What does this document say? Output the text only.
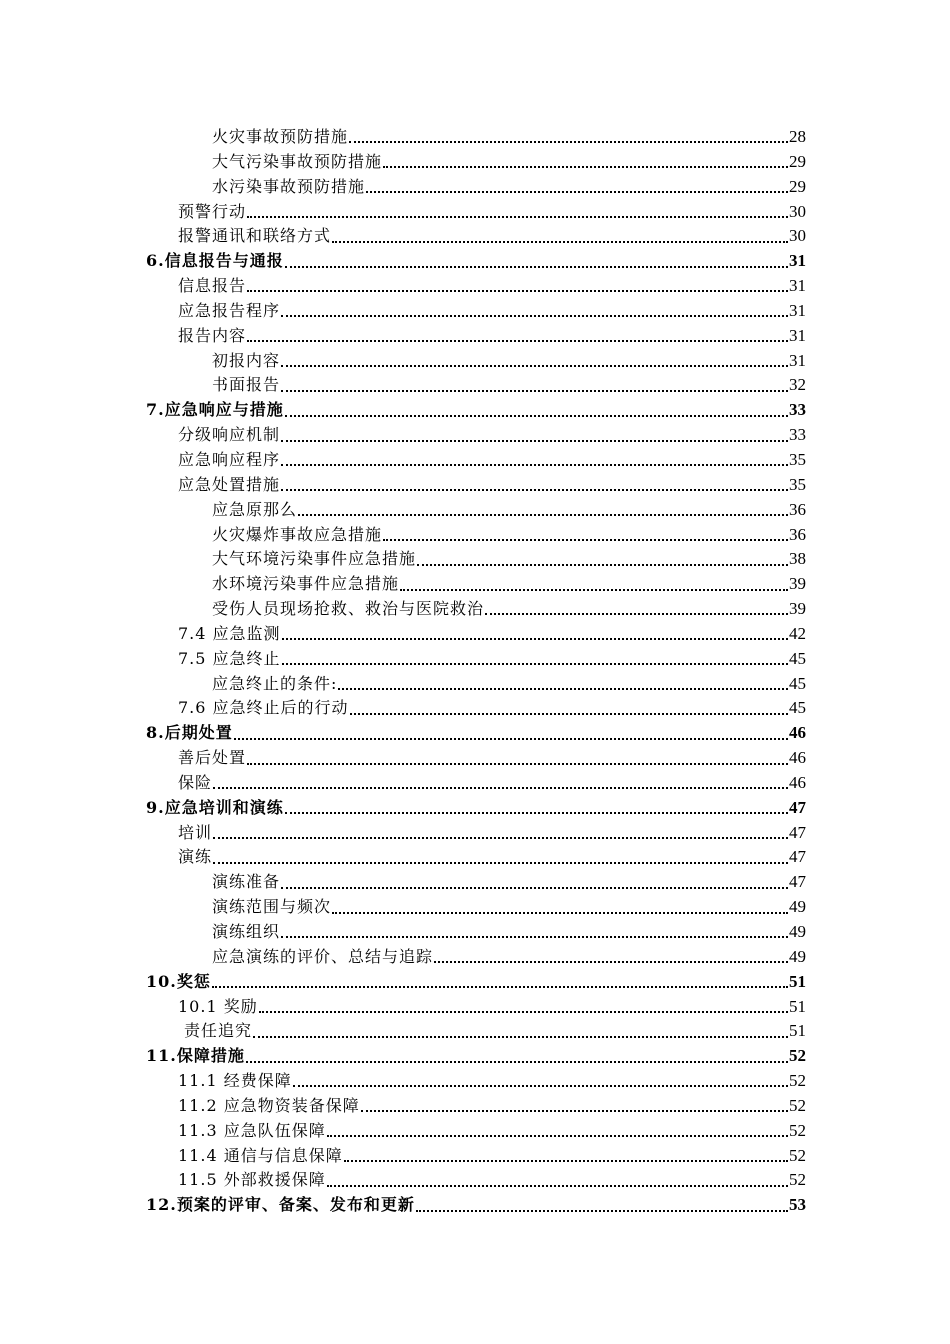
火灾事故预防措施	28
大气污染事故预防措施	29
水污染事故预防措施	29
预警行动	30
报警通讯和联络方式	30
6.信息报告与通报	31
信息报告	31
应急报告程序	31
报告内容	31
初报内容	31
书面报告	32
7.应急响应与措施	33
分级响应机制	33
应急响应程序	35
应急处置措施	35
应急原那么	36
火灾爆炸事故应急措施	36
大气环境污染事件应急措施	38
水环境污染事件应急措施	39
受伤人员现场抢救、救治与医院救治	39
7.4 应急监测	42
7.5 应急终止	45
应急终止的条件:	45
7.6 应急终止后的行动	45
8.后期处置	46
善后处置	46
保险	46
9.应急培训和演练	47
培训	47
演练	47
演练准备	47
演练范围与频次	49
演练组织	49
应急演练的评价、总结与追踪	49
10.奖惩	51
10.1 奖励	51
责任追究	51
11.保障措施	52
11.1 经费保障	52
11.2 应急物资装备保障	52
11.3 应急队伍保障	52
11.4 通信与信息保障	52
11.5 外部救援保障	52
12.预案的评审、备案、发布和更新	53
